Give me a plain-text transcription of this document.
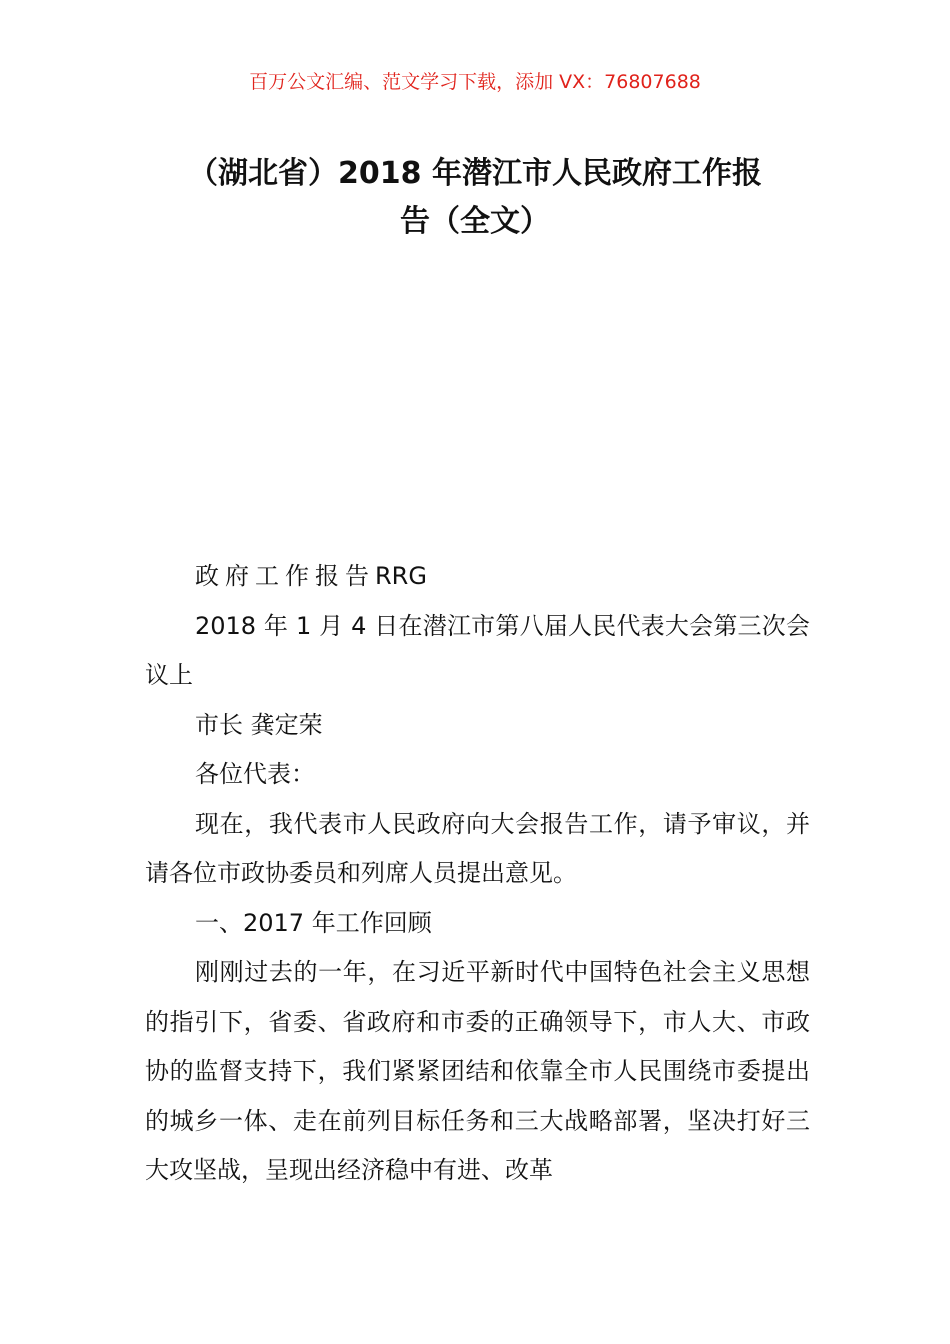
百万公文汇编、范文学习下载，添加 VX：76807688
（湖北省）2018 年潜江市人民政府工作报
告（全文）

政府工作报告RRG

2018 年 1 月 4 日在潜江市第八届人民代表大会第三次会议上

市长 龚定荣

各位代表：

现在，我代表市人民政府向大会报告工作，请予审议，并请各位市政协委员和列席人员提出意见。

一、2017 年工作回顾

刚刚过去的一年，在习近平新时代中国特色社会主义思想的指引下，省委、省政府和市委的正确领导下，市人大、市政协的监督支持下，我们紧紧团结和依靠全市人民围绕市委提出的城乡一体、走在前列目标任务和三大战略部署，坚决打好三大攻坚战，呈现出经济稳中有进、改革
